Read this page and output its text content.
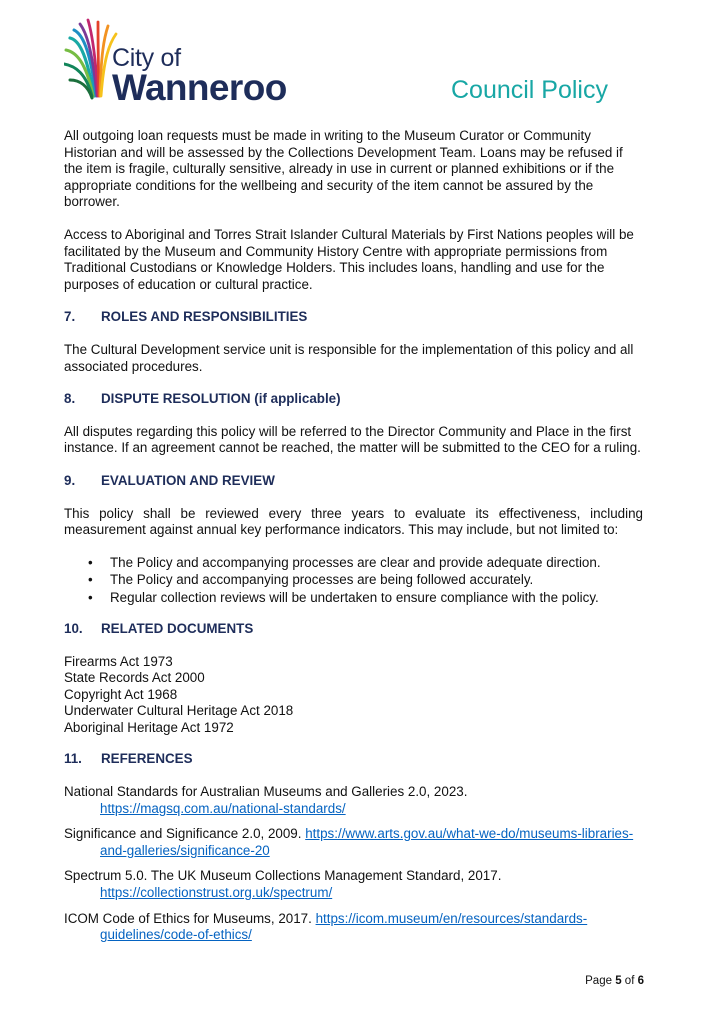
City of
Wanneroo	Council Policy

All outgoing loan requests must be made in writing to the Museum Curator or Community Historian and will be assessed by the Collections Development Team. Loans may be refused if the item is fragile, culturally sensitive, already in use in current or planned exhibitions or if the appropriate conditions for the wellbeing and security of the item cannot be assured by the borrower.

Access to Aboriginal and Torres Strait Islander Cultural Materials by First Nations peoples will be facilitated by the Museum and Community History Centre with appropriate permissions from Traditional Custodians or Knowledge Holders. This includes loans, handling and use for the purposes of education or cultural practice.

7. ROLES AND RESPONSIBILITIES

The Cultural Development service unit is responsible for the implementation of this policy and all associated procedures.

8. DISPUTE RESOLUTION (if applicable)

All disputes regarding this policy will be referred to the Director Community and Place in the first instance. If an agreement cannot be reached, the matter will be submitted to the CEO for a ruling.

9. EVALUATION AND REVIEW

This policy shall be reviewed every three years to evaluate its effectiveness, including measurement against annual key performance indicators. This may include, but not limited to:

• The Policy and accompanying processes are clear and provide adequate direction.
• The Policy and accompanying processes are being followed accurately.
• Regular collection reviews will be undertaken to ensure compliance with the policy.
10. RELATED DOCUMENTS
Firearms Act 1973
State Records Act 2000
Copyright Act 1968
Underwater Cultural Heritage Act 2018
Aboriginal Heritage Act 1972
11. REFERENCES
National Standards for Australian Museums and Galleries 2.0, 2023.
https://magsq.com.au/national-standards/
Significance and Significance 2.0, 2009. https://www.arts.gov.au/what-we-do/museums-libraries-and-galleries/significance-20
Spectrum 5.0. The UK Museum Collections Management Standard, 2017.
https://collectionstrust.org.uk/spectrum/
ICOM Code of Ethics for Museums, 2017. https://icom.museum/en/resources/standards-guidelines/code-of-ethics/
Page 5 of 6
